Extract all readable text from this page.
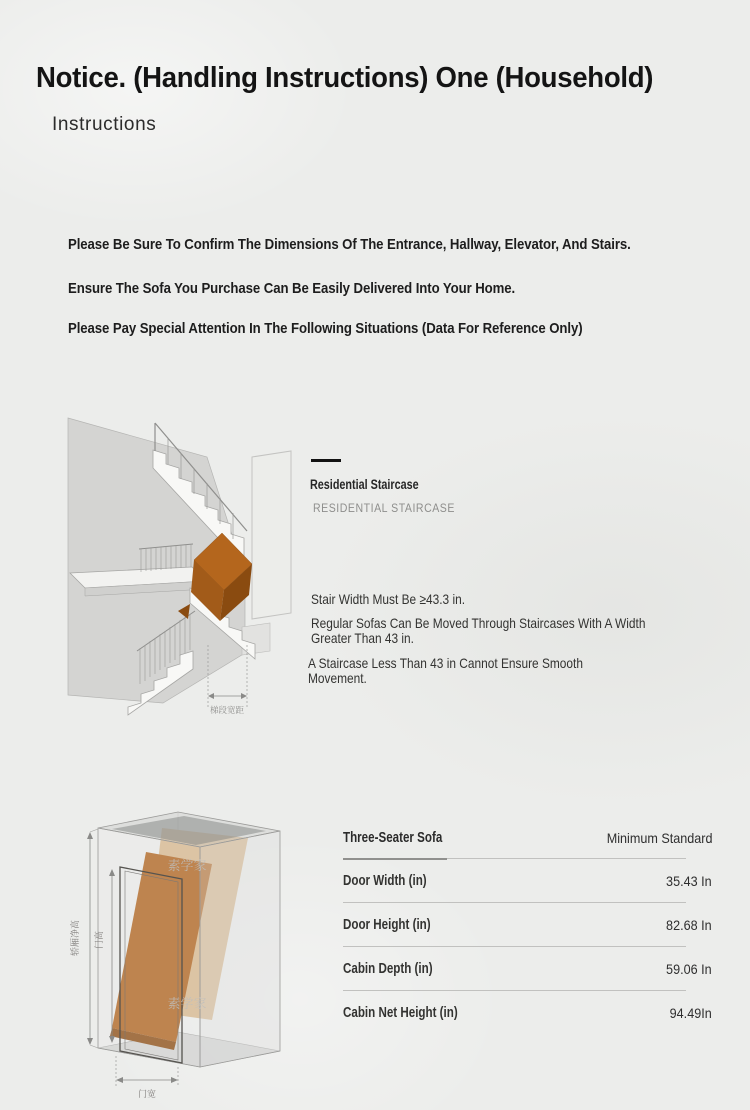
Notice. (Handling Instructions) One (Household)
Instructions
Please Be Sure To Confirm The Dimensions Of The Entrance, Hallway, Elevator, And Stairs.
Ensure The Sofa You Purchase Can Be Easily Delivered Into Your Home.
Please Pay Special Attention In The Following Situations (Data For Reference Only)
梯段宽距
Residential Staircase
RESIDENTIAL STAIRCASE
Stair Width Must Be ≥43.3 in.
Regular Sofas Can Be Moved Through Staircases With A Width Greater Than 43 in.
A Staircase Less Than 43 in Cannot Ensure Smooth Movement.
素学家
素学家
轿厢净高 门高
门宽
Three-Seater Sofa	Minimum Standard
Door Width (in)	35.43 In
Door Height (in)	82.68 In
Cabin Depth (in)	59.06 In
Cabin Net Height (in)	94.49In
